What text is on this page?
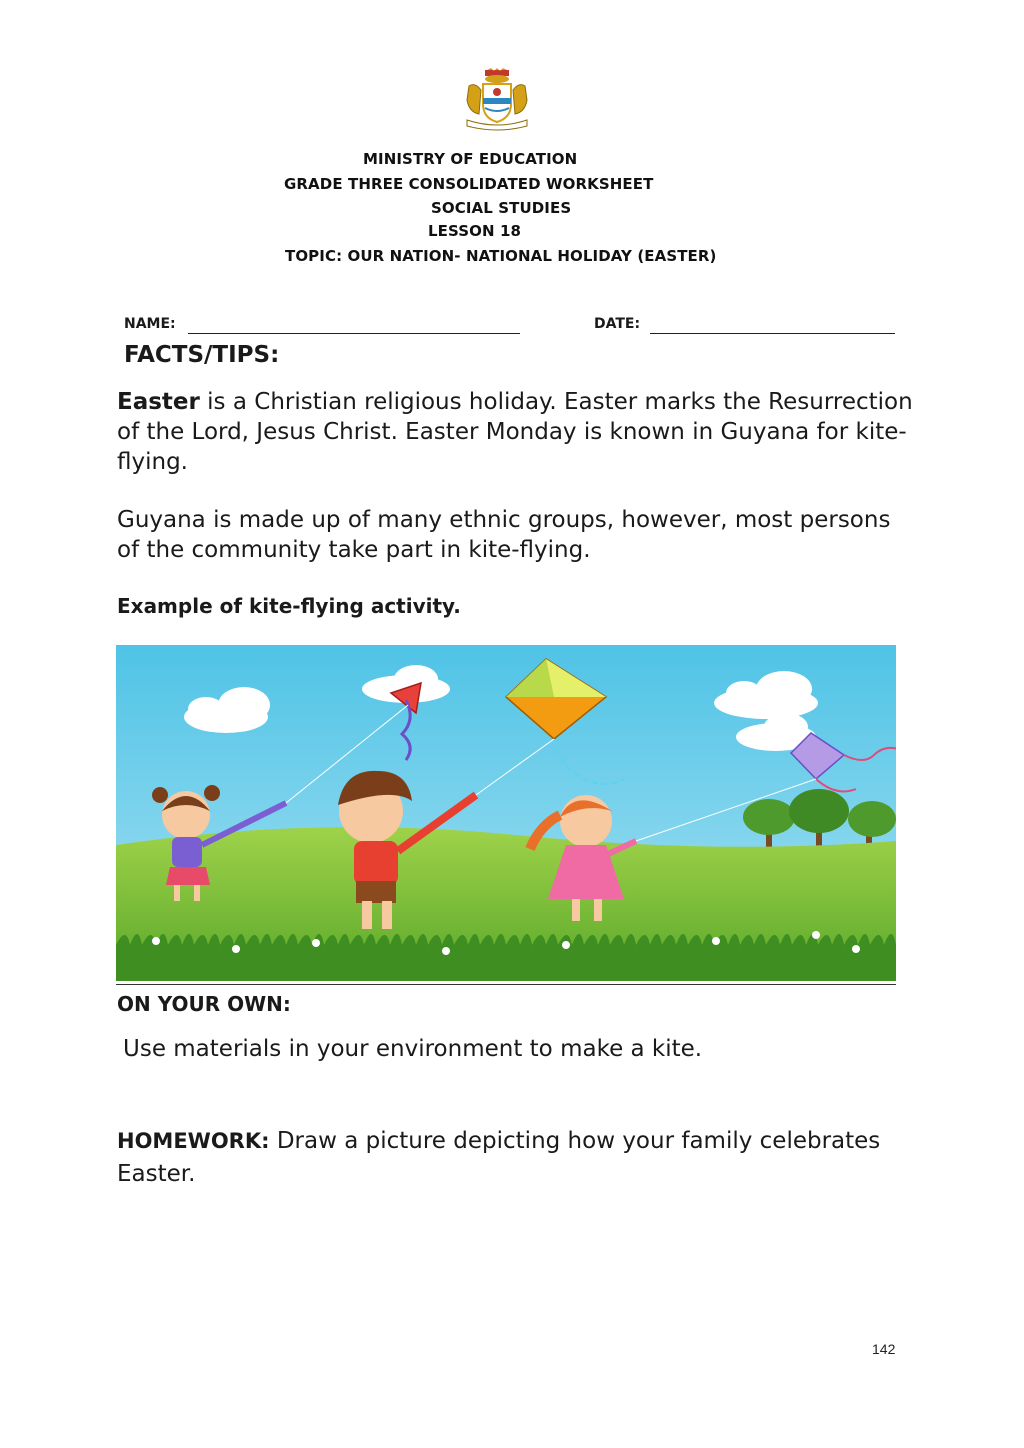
MINISTRY OF EDUCATION
GRADE THREE CONSOLIDATED WORKSHEET
SOCIAL STUDIES
LESSON 18
TOPIC: OUR NATION- NATIONAL HOLIDAY (EASTER)
NAME:	DATE:
FACTS/TIPS:
Easter is a Christian religious holiday. Easter marks the Resurrection of the Lord, Jesus Christ. Easter Monday is known in Guyana for kite- flying.
Guyana is made up of many ethnic groups, however, most persons of the community take part in kite-flying.
Example of kite-flying activity.
ON YOUR OWN:
Use materials in your environment to make a kite.
HOMEWORK: Draw a picture depicting how your family celebrates Easter.
142
